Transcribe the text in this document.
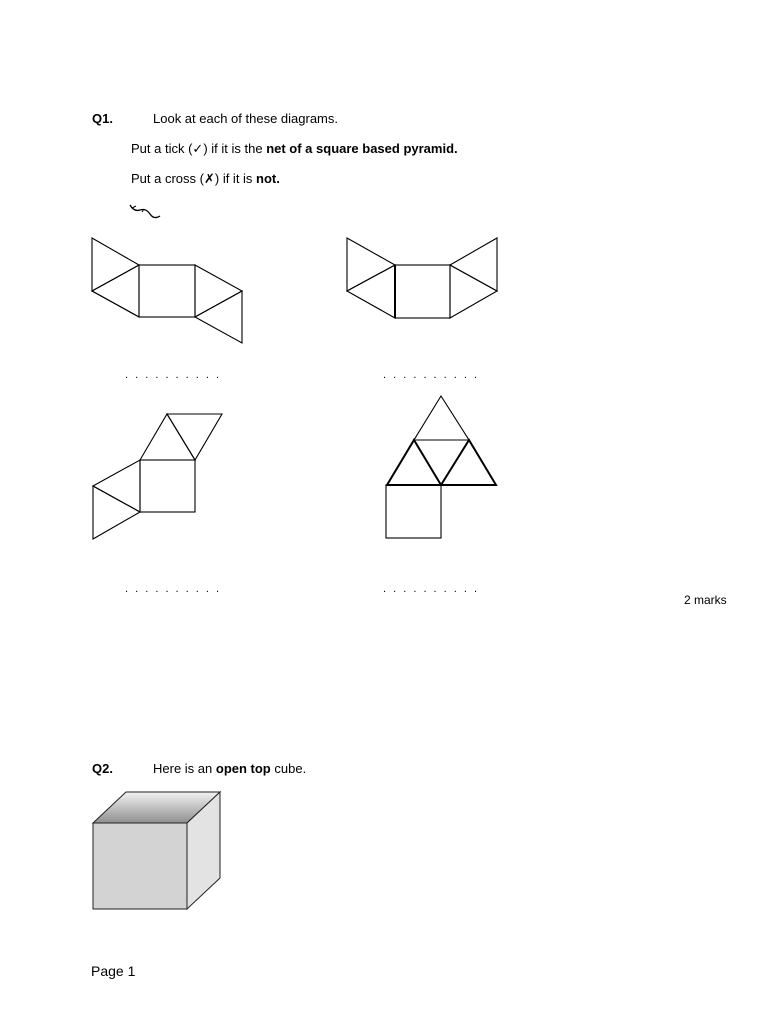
Q1.	Look at each of these diagrams.
Put a tick (✓) if it is the net of a square based pyramid.
Put a cross (✗) if it is not.
. . . . . . . . . .	. . . . . . . . . .
. . . . . . . . . .	. . . . . . . . . .
2 marks
Q2.	Here is an open top cube.
Page 1
